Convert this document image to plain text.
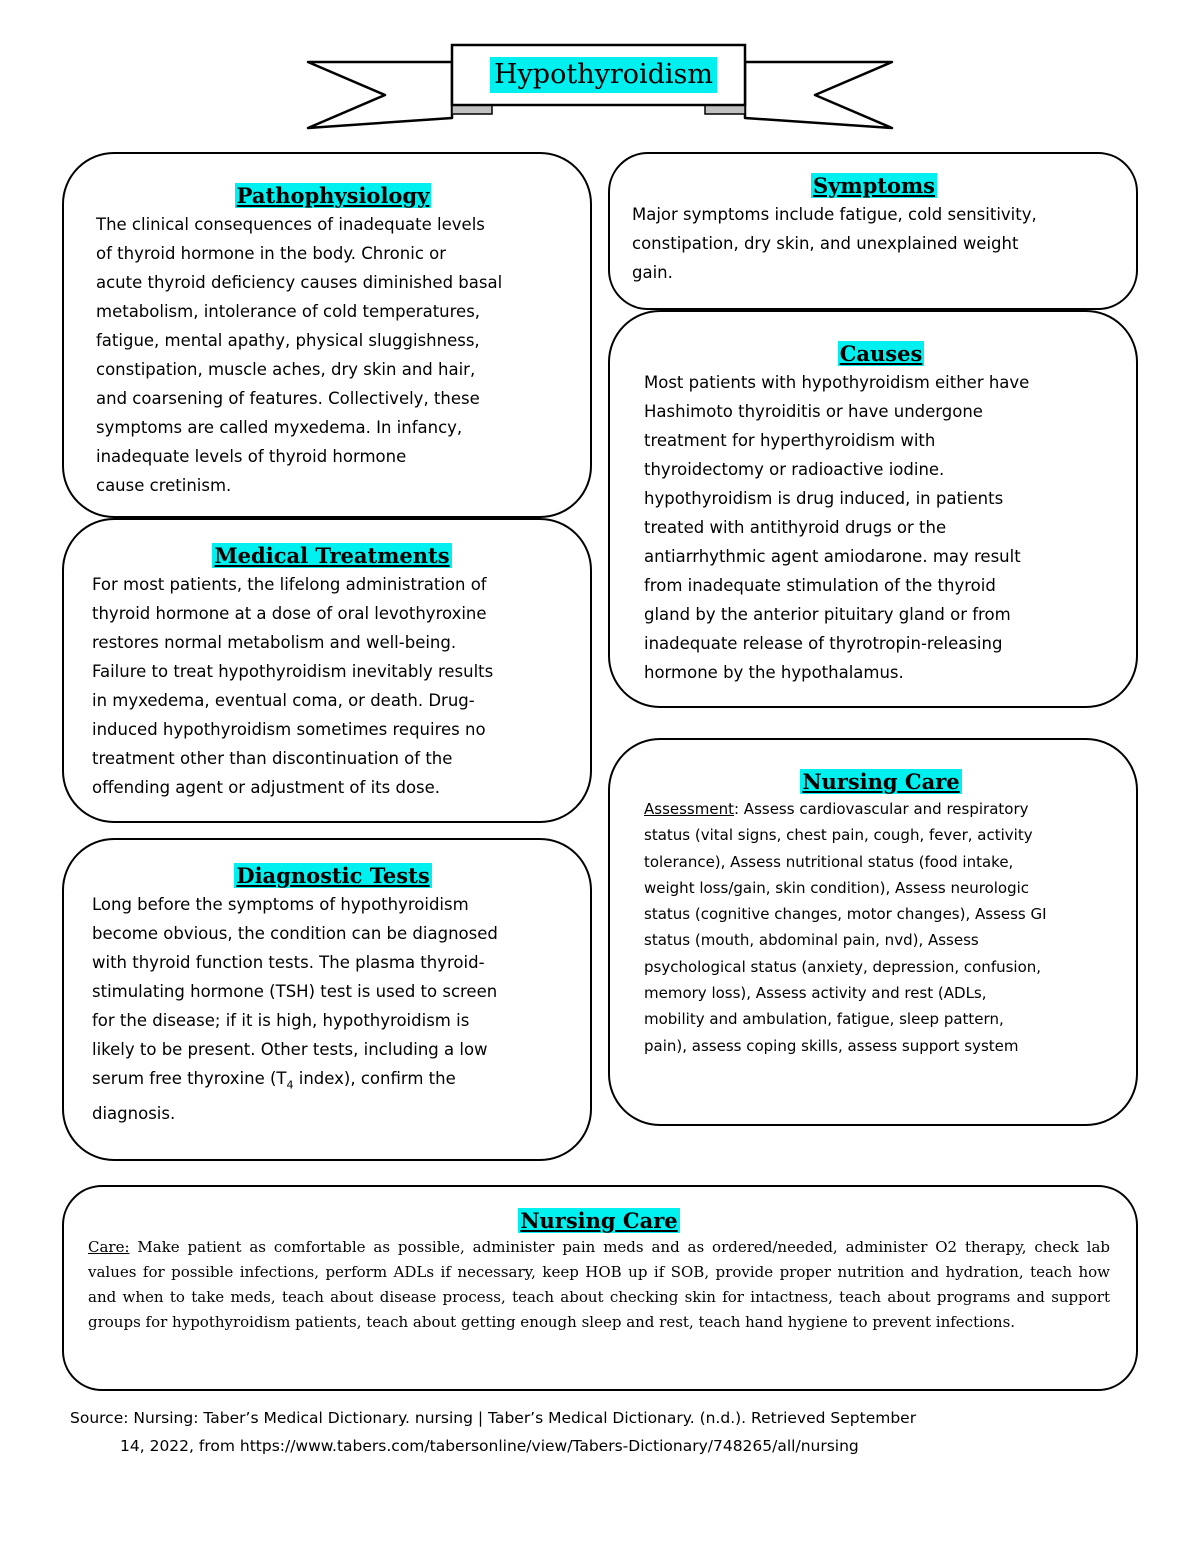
Hypothyroidism
Pathophysiology
The clinical consequences of inadequate levels
of thyroid hormone in the body. Chronic or
acute thyroid deficiency causes diminished basal
metabolism, intolerance of cold temperatures,
fatigue, mental apathy, physical sluggishness,
constipation, muscle aches, dry skin and hair,
and coarsening of features. Collectively, these
symptoms are called myxedema. In infancy,
inadequate levels of thyroid hormone
cause cretinism.
Symptoms
Major symptoms include fatigue, cold sensitivity,
constipation, dry skin, and unexplained weight
gain.
Causes
Most patients with hypothyroidism either have
Hashimoto thyroiditis or have undergone
treatment for hyperthyroidism with
thyroidectomy or radioactive iodine.
hypothyroidism is drug induced, in patients
treated with antithyroid drugs or the
antiarrhythmic agent amiodarone. may result
from inadequate stimulation of the thyroid
gland by the anterior pituitary gland or from
inadequate release of thyrotropin-releasing
hormone by the hypothalamus.
Medical Treatments
For most patients, the lifelong administration of
thyroid hormone at a dose of oral levothyroxine
restores normal metabolism and well-being.
Failure to treat hypothyroidism inevitably results
in myxedema, eventual coma, or death. Drug-
induced hypothyroidism sometimes requires no
treatment other than discontinuation of the
offending agent or adjustment of its dose.	Nursing Care
Assessment: Assess cardiovascular and respiratory
status (vital signs, chest pain, cough, fever, activity
tolerance), Assess nutritional status (food intake,
weight loss/gain, skin condition), Assess neurologic
status (cognitive changes, motor changes), Assess GI
status (mouth, abdominal pain, nvd), Assess
psychological status (anxiety, depression, confusion,
memory loss), Assess activity and rest (ADLs,
mobility and ambulation, fatigue, sleep pattern,
pain), assess coping skills, assess support system
Diagnostic Tests
Long before the symptoms of hypothyroidism
become obvious, the condition can be diagnosed
with thyroid function tests. The plasma thyroid-
stimulating hormone (TSH) test is used to screen
for the disease; if it is high, hypothyroidism is
likely to be present. Other tests, including a low
serum free thyroxine ($T_4$ index), confirm the
diagnosis.
Nursing Care
Care: Make patient as comfortable as possible, administer pain meds and as ordered/needed, administer O2 therapy, check lab values for possible infections, perform ADLs if necessary, keep HOB up if SOB, provide proper nutrition and hydration, teach how and when to take meds, teach about disease process, teach about checking skin for intactness, teach about programs and support groups for hypothyroidism patients, teach about getting enough sleep and rest, teach hand hygiene to prevent infections.
Source: Nursing: Taber’s Medical Dictionary. nursing | Taber’s Medical Dictionary. (n.d.). Retrieved September
14, 2022, from https://www.tabers.com/tabersonline/view/Tabers-Dictionary/748265/all/nursing
